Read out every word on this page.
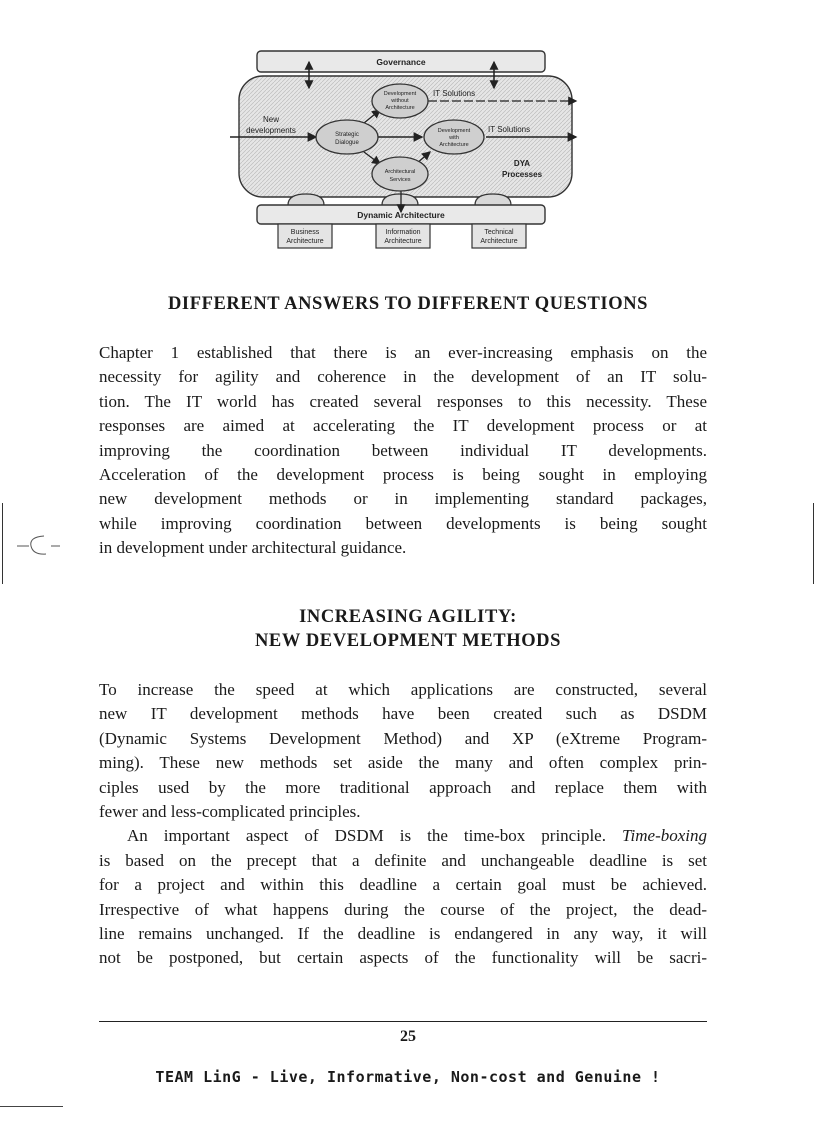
Governance
Dynamic Architecture
Business
Architecture
Information
Architecture
Technical
Architecture
Strategic
Dialogue
Development
without
Architecture
Development
with
Architecture
Architectural
Services
New
developments
IT Solutions
IT Solutions
DYA
Processes
DIFFERENT ANSWERS TO DIFFERENT QUESTIONS
Chapter 1 established that there is an ever-increasing emphasis on the
necessity for agility and coherence in the development of an IT solu-
tion. The IT world has created several responses to this necessity. These
responses are aimed at accelerating the IT development process or at
improving the coordination between individual IT developments.
Acceleration of the development process is being sought in employing
new development methods or in implementing standard packages,
while improving coordination between developments is being sought
in development under architectural guidance.
INCREASING AGILITY:
NEW DEVELOPMENT METHODS
To increase the speed at which applications are constructed, several
new IT development methods have been created such as DSDM
(Dynamic Systems Development Method) and XP (eXtreme Program-
ming). These new methods set aside the many and often complex prin-
ciples used by the more traditional approach and replace them with
fewer and less-complicated principles.
An important aspect of DSDM is the time-box principle. Time-boxing
is based on the precept that a definite and unchangeable deadline is set
for a project and within this deadline a certain goal must be achieved.
Irrespective of what happens during the course of the project, the dead-
line remains unchanged. If the deadline is endangered in any way, it will
not be postponed, but certain aspects of the functionality will be sacri-
25
TEAM LinG - Live, Informative, Non-cost and Genuine !
